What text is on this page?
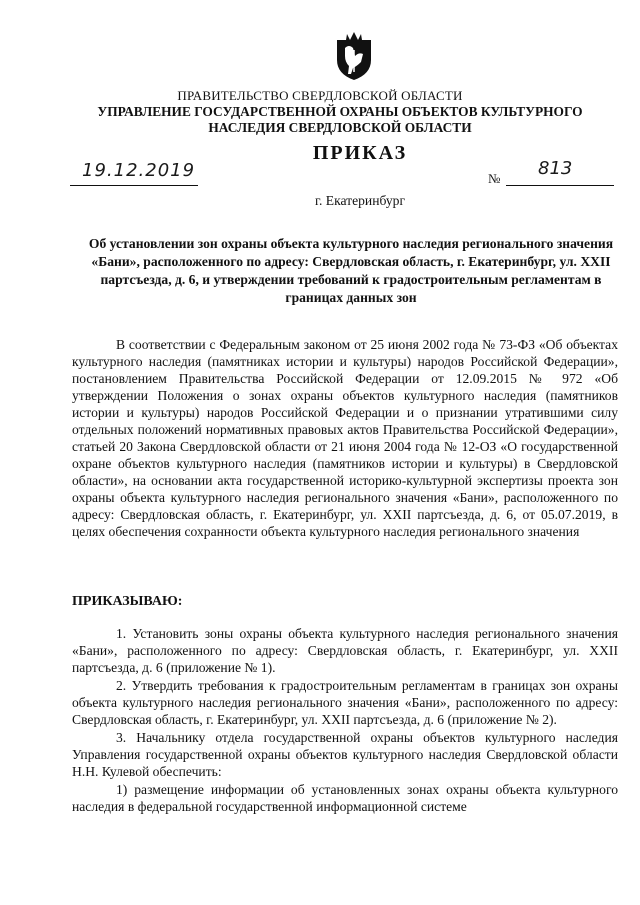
ПРАВИТЕЛЬСТВО СВЕРДЛОВСКОЙ ОБЛАСТИ
УПРАВЛЕНИЕ ГОСУДАРСТВЕННОЙ ОХРАНЫ ОБЪЕКТОВ КУЛЬТУРНОГО НАСЛЕДИЯ СВЕРДЛОВСКОЙ ОБЛАСТИ
ПРИКАЗ
19.12.2019	№ 813
г. Екатеринбург
Об установлении зон охраны объекта культурного наследия регионального значения «Бани», расположенного по адресу: Свердловская область, г. Екатеринбург, ул. XXII партсъезда, д. 6, и утверждении требований к градостроительным регламентам в границах данных зон
В соответствии с Федеральным законом от 25 июня 2002 года № 73-ФЗ «Об объектах культурного наследия (памятниках истории и культуры) народов Российской Федерации», постановлением Правительства Российской Федерации от 12.09.2015 № 972 «Об утверждении Положения о зонах охраны объектов культурного наследия (памятников истории и культуры) народов Российской Федерации и о признании утратившими силу отдельных положений нормативных правовых актов Правительства Российской Федерации», статьей 20 Закона Свердловской области от 21 июня 2004 года № 12-ОЗ «О государственной охране объектов культурного наследия (памятников истории и культуры) в Свердловской области», на основании акта государственной историко-культурной экспертизы проекта зон охраны объекта культурного наследия регионального значения «Бани», расположенного по адресу: Свердловская область, г. Екатеринбург, ул. XXII партсъезда, д. 6, от 05.07.2019, в целях обеспечения сохранности объекта культурного наследия регионального значения
ПРИКАЗЫВАЮ:

1. Установить зоны охраны объекта культурного наследия регионального значения «Бани», расположенного по адресу: Свердловская область, г. Екатеринбург, ул. XXII партсъезда, д. 6 (приложение № 1).

2. Утвердить требования к градостроительным регламентам в границах зон охраны объекта культурного наследия регионального значения «Бани», расположенного по адресу: Свердловская область, г. Екатеринбург, ул. XXII партсъезда, д. 6 (приложение № 2).

3. Начальнику отдела государственной охраны объектов культурного наследия Управления государственной охраны объектов культурного наследия Свердловской области Н.Н. Кулевой обеспечить:

1) размещение информации об установленных зонах охраны объекта культурного наследия в федеральной государственной информационной системе
